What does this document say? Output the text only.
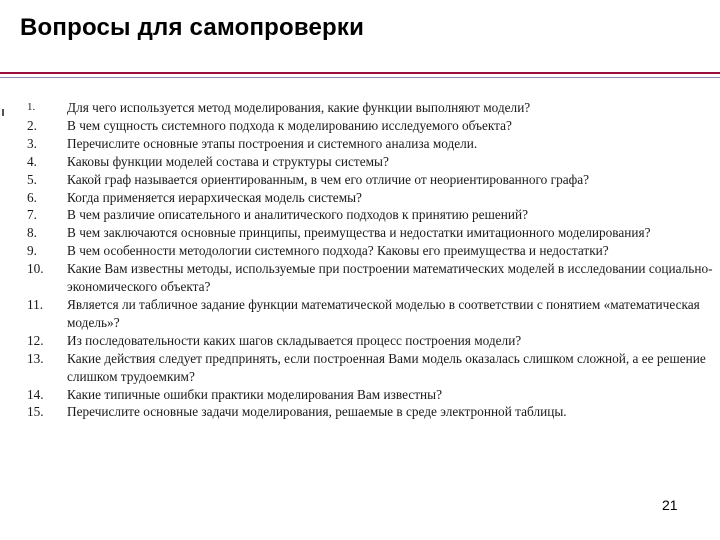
Вопросы для самопроверки
1.	Для чего используется метод моделирования, какие функции выполняют модели?
2.	В чем сущность системного подхода к моделированию исследуемого объекта?
3.	Перечислите основные этапы построения и системного анализа модели.
4.	Каковы функции моделей состава и структуры системы?
5.	Какой граф называется ориентированным, в чем его отличие от неориентированного графа?
6.	Когда применяется иерархическая модель системы?
7.	В чем различие описательного и аналитического подходов к принятию решений?
8.	В чем заключаются основные принципы, преимущества и недостатки имитационного моделирования?
9.	В чем особенности методологии системного подхода? Каковы его преимущества и недостатки?
10.	Какие Вам известны методы, используемые при построении математических моделей в исследовании социально-экономического объекта?
11.	Является ли табличное задание функции математической моделью в соответствии с понятием «математическая модель»?
12.	Из последовательности каких шагов складывается процесс построения модели?
13.	Какие действия следует предпринять, если построенная Вами модель оказалась слишком сложной, а ее решение слишком трудоемким?
14.	Какие типичные ошибки практики моделирования Вам известны?
15.	Перечислите основные задачи моделирования, решаемые в среде электронной таблицы.
21
